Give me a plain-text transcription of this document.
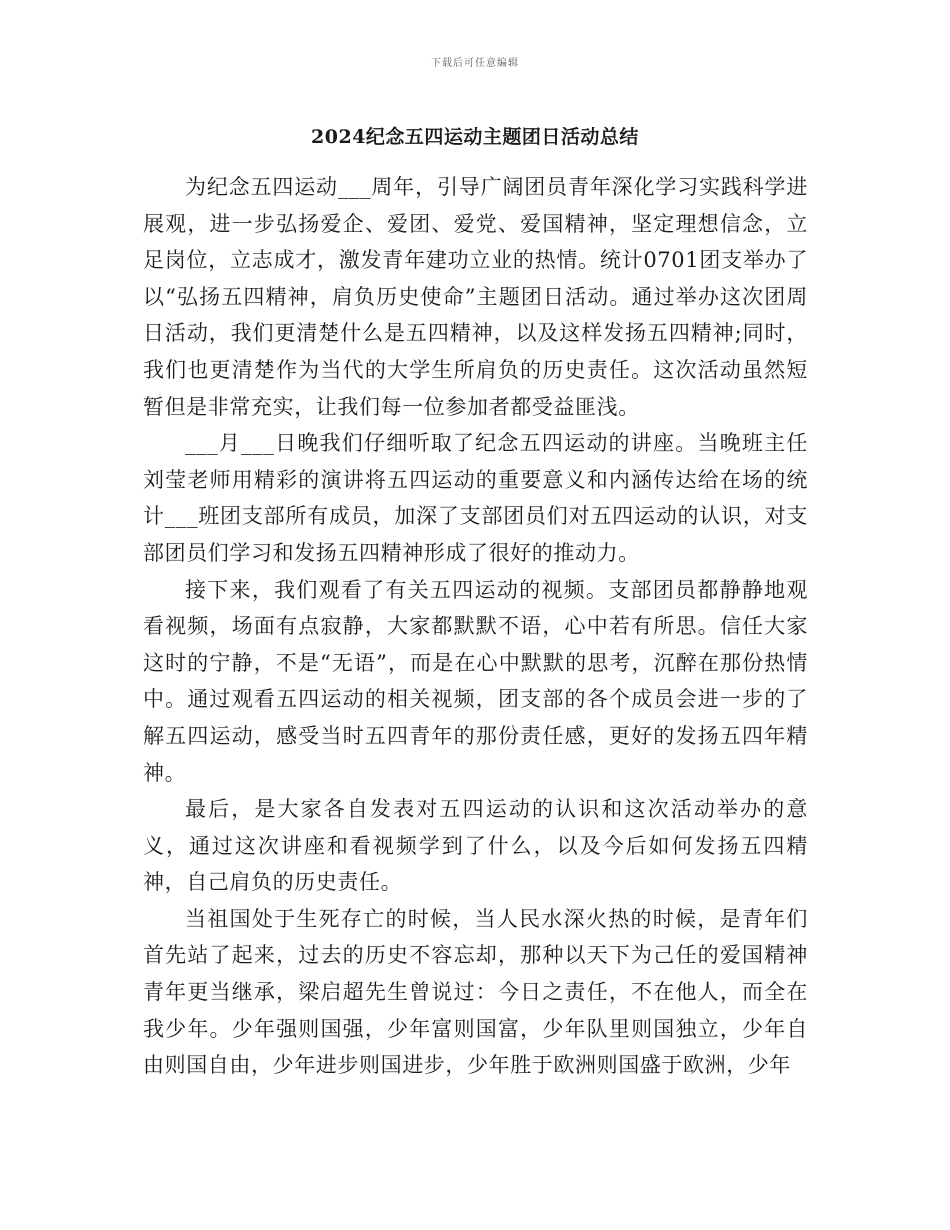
下载后可任意编辑
2024纪念五四运动主题团日活动总结

为纪念五四运动___周年，引导广阔团员青年深化学习实践科学进展观，进一步弘扬爱企、爱团、爱党、爱国精神，坚定理想信念，立足岗位，立志成才，激发青年建功立业的热情。统计0701团支举办了以“弘扬五四精神，肩负历史使命”主题团日活动。通过举办这次团周日活动，我们更清楚什么是五四精神，以及这样发扬五四精神;同时，我们也更清楚作为当代的大学生所肩负的历史责任。这次活动虽然短暂但是非常充实，让我们每一位参加者都受益匪浅。

___月___日晚我们仔细听取了纪念五四运动的讲座。当晚班主任刘莹老师用精彩的演讲将五四运动的重要意义和内涵传达给在场的统计___班团支部所有成员，加深了支部团员们对五四运动的认识，对支部团员们学习和发扬五四精神形成了很好的推动力。

接下来，我们观看了有关五四运动的视频。支部团员都静静地观看视频，场面有点寂静，大家都默默不语，心中若有所思。信任大家这时的宁静，不是“无语”，而是在心中默默的思考，沉醉在那份热情中。通过观看五四运动的相关视频，团支部的各个成员会进一步的了解五四运动，感受当时五四青年的那份责任感，更好的发扬五四年精神。

最后，是大家各自发表对五四运动的认识和这次活动举办的意义，通过这次讲座和看视频学到了什么，以及今后如何发扬五四精神，自己肩负的历史责任。

当祖国处于生死存亡的时候，当人民水深火热的时候，是青年们首先站了起来，过去的历史不容忘却，那种以天下为己任的爱国精神青年更当继承，梁启超先生曾说过：今日之责任，不在他人，而全在我少年。少年强则国强，少年富则国富，少年队里则国独立，少年自由则国自由，少年进步则国进步，少年胜于欧洲则国盛于欧洲，少年
